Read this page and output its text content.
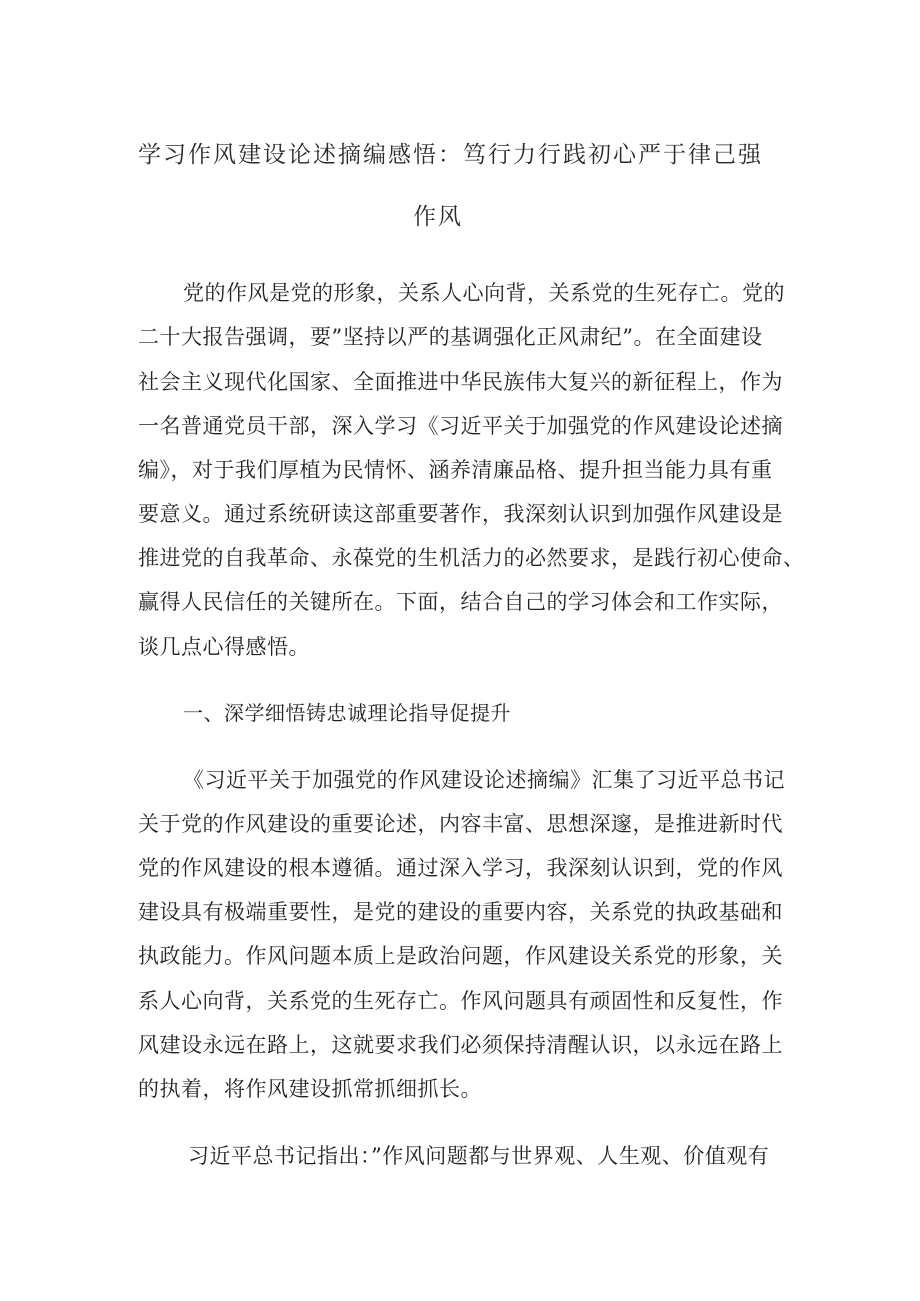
学习作风建设论述摘编感悟：笃行力行践初心严于律己强
作风
党的作风是党的形象，关系人心向背，关系党的生死存亡。党的
二十大报告强调，要”坚持以严的基调强化正风肃纪”。在全面建设
社会主义现代化国家、全面推进中华民族伟大复兴的新征程上，作为
一名普通党员干部，深入学习《习近平关于加强党的作风建设论述摘
编》，对于我们厚植为民情怀、涵养清廉品格、提升担当能力具有重
要意义。通过系统研读这部重要著作，我深刻认识到加强作风建设是
推进党的自我革命、永葆党的生机活力的必然要求，是践行初心使命、
赢得人民信任的关键所在。下面，结合自己的学习体会和工作实际，
谈几点心得感悟。
一、深学细悟铸忠诚理论指导促提升
《习近平关于加强党的作风建设论述摘编》汇集了习近平总书记
关于党的作风建设的重要论述，内容丰富、思想深邃，是推进新时代
党的作风建设的根本遵循。通过深入学习，我深刻认识到，党的作风
建设具有极端重要性，是党的建设的重要内容，关系党的执政基础和
执政能力。作风问题本质上是政治问题，作风建设关系党的形象，关
系人心向背，关系党的生死存亡。作风问题具有顽固性和反复性，作
风建设永远在路上，这就要求我们必须保持清醒认识，以永远在路上
的执着，将作风建设抓常抓细抓长。
习近平总书记指出：”作风问题都与世界观、人生观、价值观有
